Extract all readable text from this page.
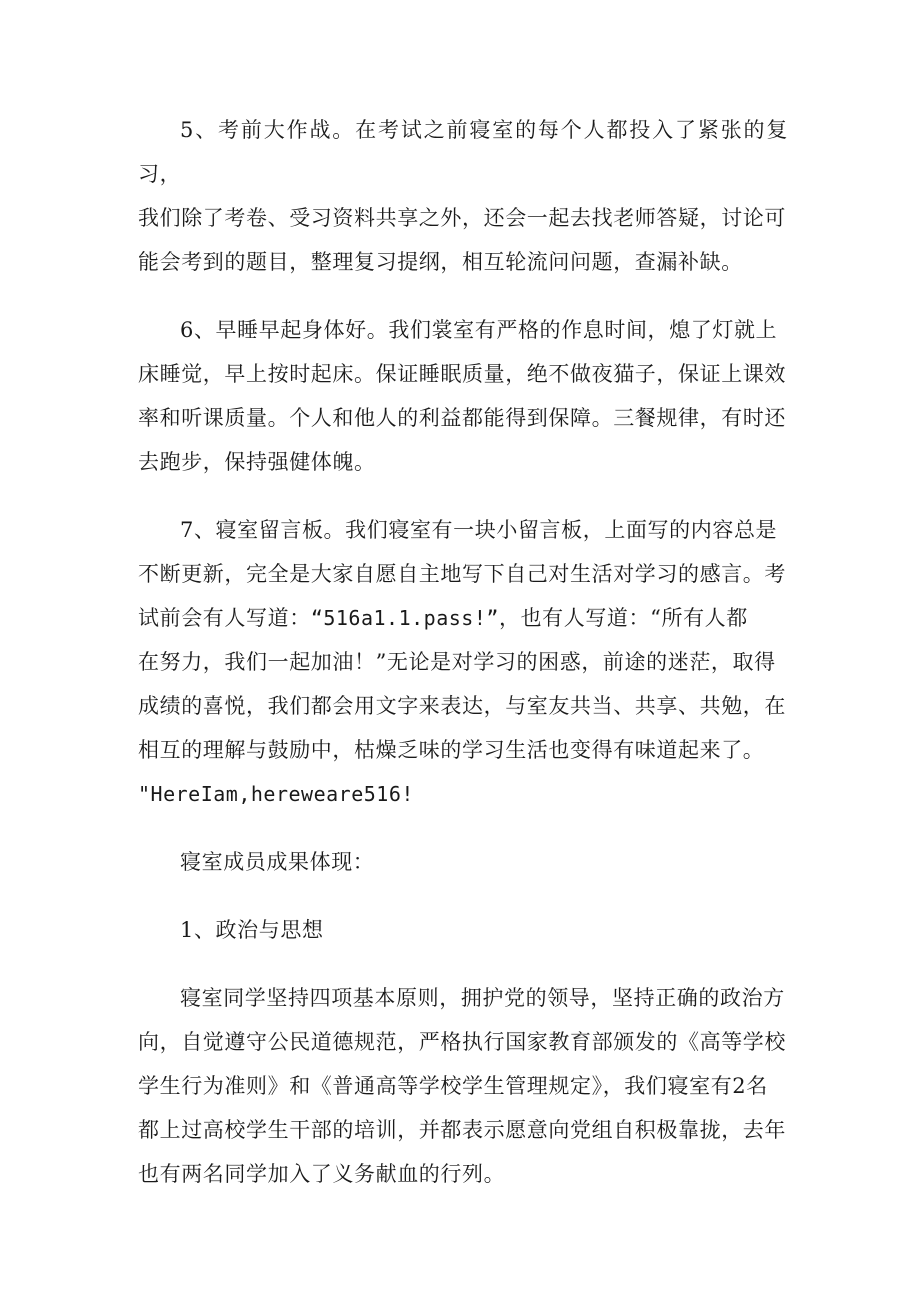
5、考前大作战。在考试之前寝室的每个人都投入了紧张的复习，
我们除了考卷、受习资料共享之外，还会一起去找老师答疑，讨论可
能会考到的题目，整理复习提纲，相互轮流问问题，查漏补缺。

6、早睡早起身体好。我们裳室有严格的作息时间，熄了灯就上
床睡觉，早上按时起床。保证睡眠质量，绝不做夜猫子，保证上课效
率和听课质量。个人和他人的利益都能得到保障。三餐规律，有时还
去跑步，保持强健体魄。

7、寝室留言板。我们寝室有一块小留言板，上面写的内容总是
不断更新，完全是大家自愿自主地写下自己对生活对学习的感言。考
试前会有人写道：“516a1.1.pass!”，也有人写道：“所有人都
在努力，我们一起加油！”无论是对学习的困惑，前途的迷茫，取得
成绩的喜悦，我们都会用文字来表达，与室友共当、共享、共勉，在
相互的理解与鼓励中，枯燥乏味的学习生活也变得有味道起来了。
"HereIam,hereweare516!

寝室成员成果体现：

1、政治与思想

寝室同学坚持四项基本原则，拥护党的领导，坚持正确的政治方
向，自觉遵守公民道德规范，严格执行国家教育部颁发的《高等学校
学生行为准则》和《普通高等学校学生管理规定》，我们寝室有2名
都上过高校学生干部的培训，并都表示愿意向党组自积极靠拢，去年
也有两名同学加入了义务献血的行列。
